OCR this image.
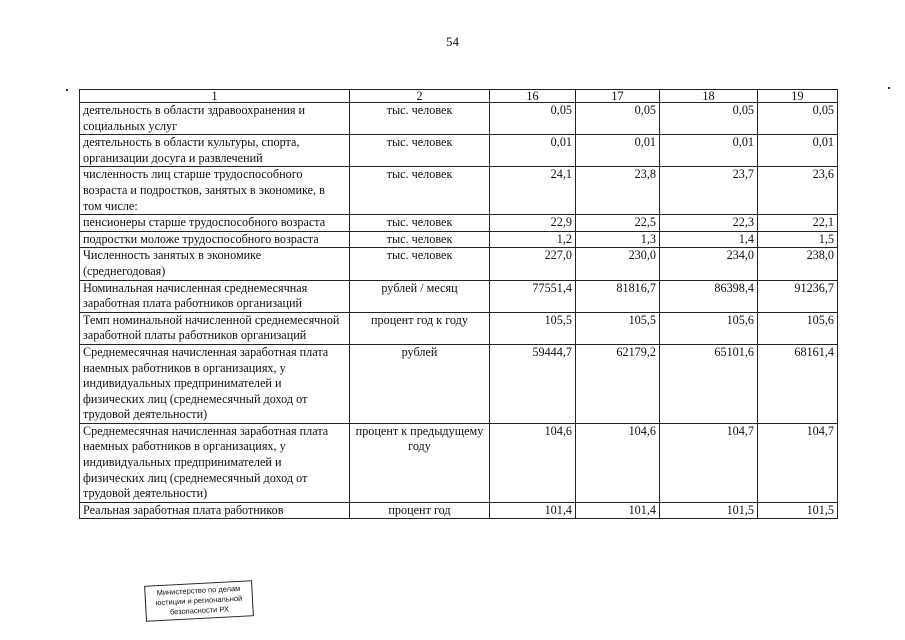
54
1	2	16	17	18	19
деятельность в области здравоохранения и социальных услуг	тыс. человек	0,05	0,05	0,05	0,05
деятельность в области культуры, спорта, организации досуга и развлечений	тыс. человек	0,01	0,01	0,01	0,01
численность лиц старше трудоспособного возраста и подростков, занятых в экономике, в том числе:	тыс. человек	24,1	23,8	23,7	23,6
пенсионеры старше трудоспособного возраста	тыс. человек	22,9	22,5	22,3	22,1
подростки моложе трудоспособного возраста	тыс. человек	1,2	1,3	1,4	1,5
Численность занятых в экономике (среднегодовая)	тыс. человек	227,0	230,0	234,0	238,0
Номинальная начисленная среднемесячная заработная плата работников организаций	рублей / месяц	77551,4	81816,7	86398,4	91236,7
Темп номинальной начисленной среднемесячной заработной платы работников организаций	процент год к году	105,5	105,5	105,6	105,6
Среднемесячная начисленная заработная плата наемных работников в организациях, у индивидуальных предпринимателей и физических лиц (среднемесячный доход от трудовой деятельности)	рублей	59444,7	62179,2	65101,6	68161,4
Среднемесячная начисленная заработная плата наемных работников в организациях, у индивидуальных предпринимателей и физических лиц (среднемесячный доход от трудовой деятельности)	процент к предыдущему году	104,6	104,6	104,7	104,7
Реальная заработная плата работников	процент год	101,4	101,4	101,5	101,5
Министерство по делам
юстиции и региональной
безопасности РХ
